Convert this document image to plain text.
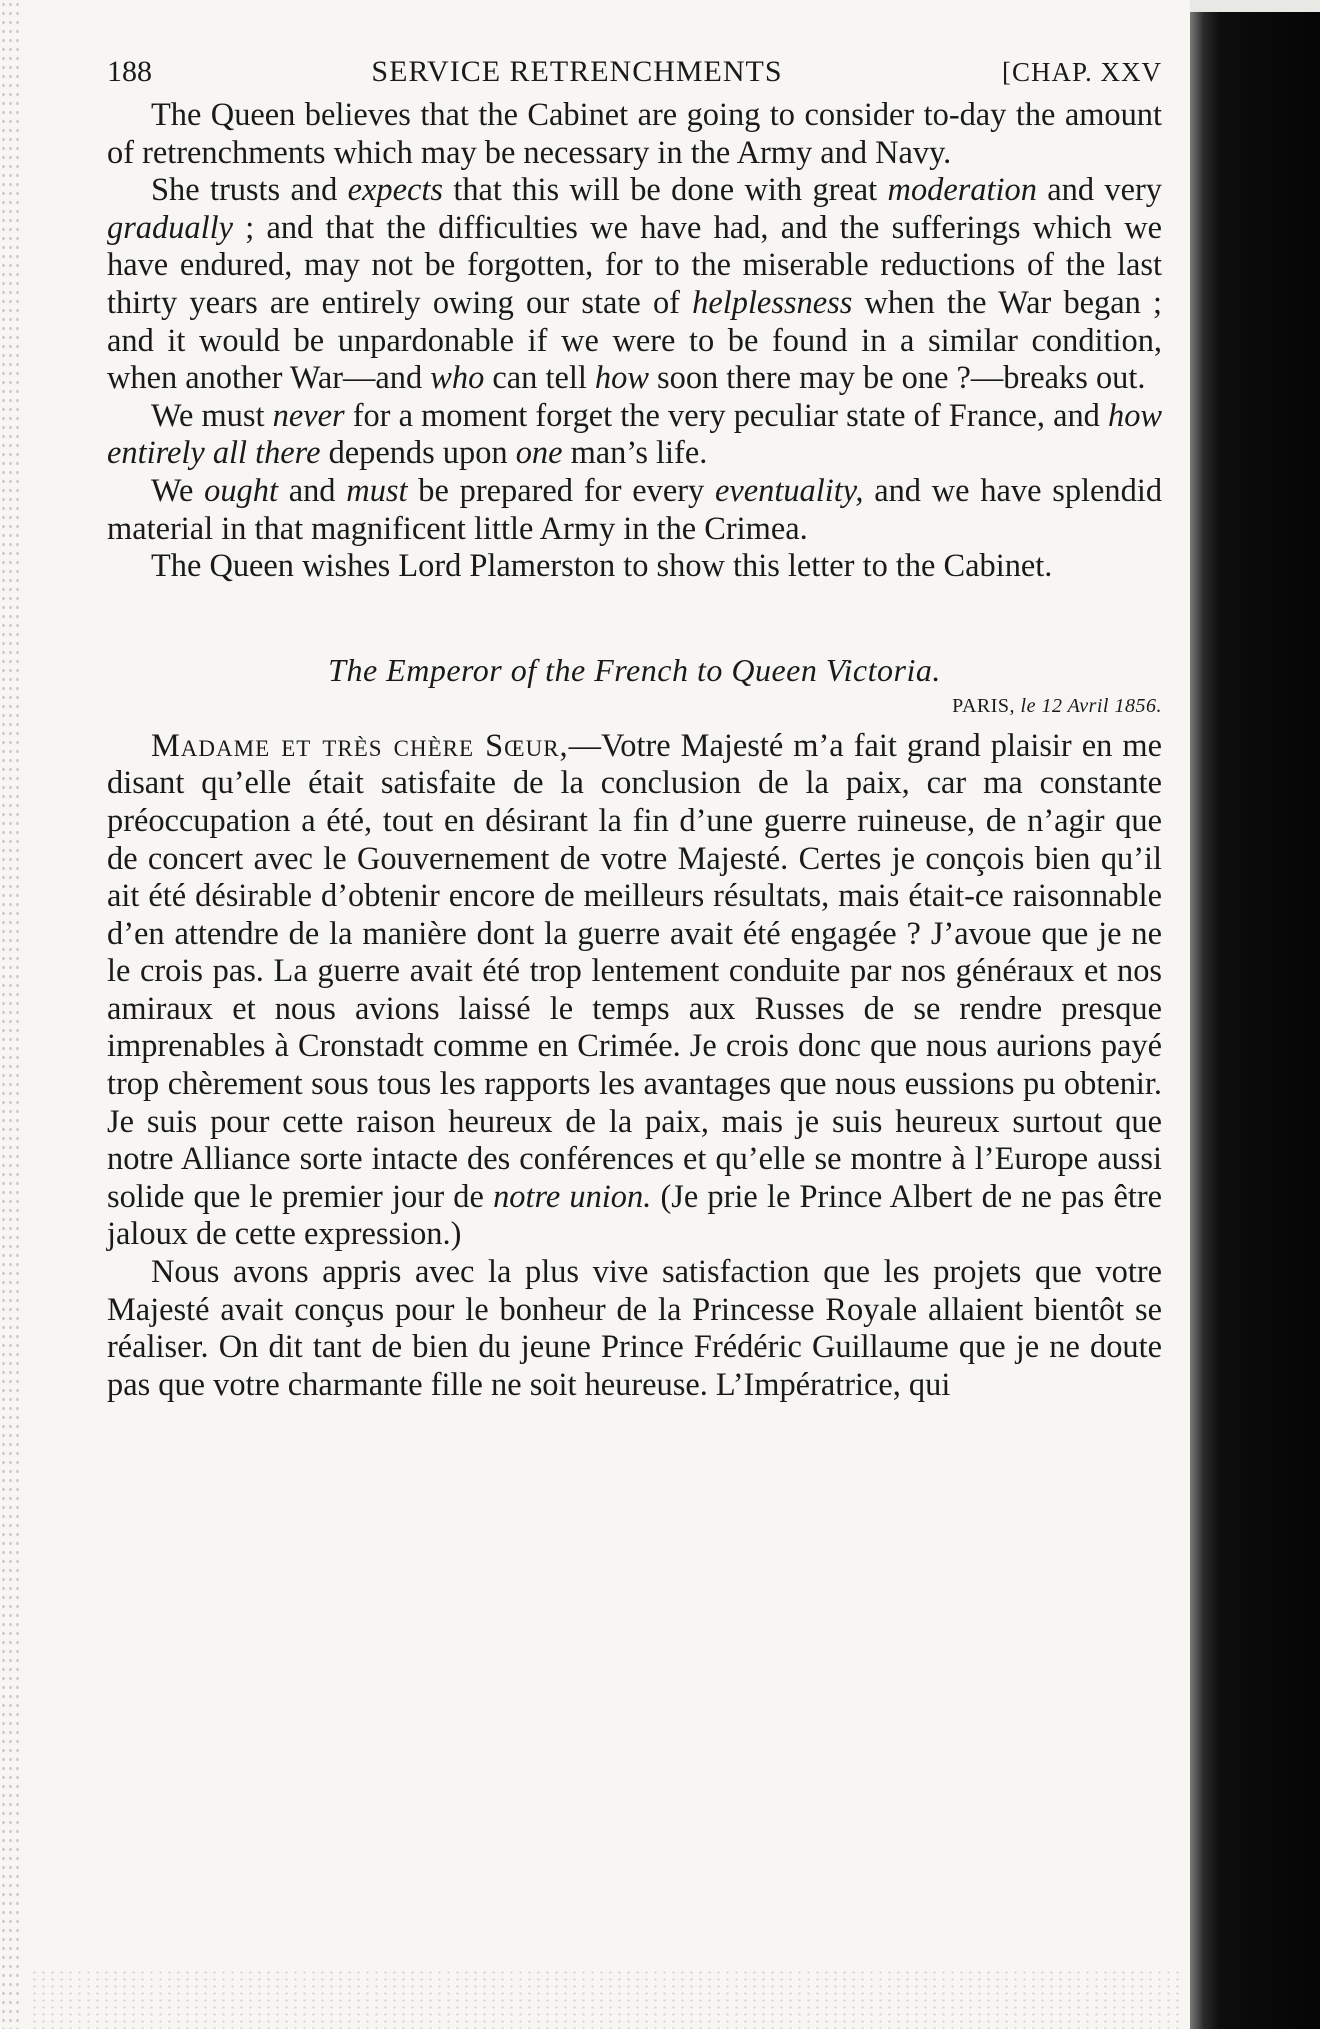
188	SERVICE RETRENCHMENTS	[CHAP. XXV

The Queen believes that the Cabinet are going to consider to-day the amount of retrenchments which may be necessary in the Army and Navy.

She trusts and expects that this will be done with great moderation and very gradually ; and that the difficulties we have had, and the sufferings which we have endured, may not be forgotten, for to the miserable reductions of the last thirty years are entirely owing our state of helplessness when the War began ; and it would be unpardonable if we were to be found in a similar condition, when another War—and who can tell how soon there may be one ?—breaks out.

We must never for a moment forget the very peculiar state of France, and how entirely all there depends upon one man’s life.

We ought and must be prepared for every eventuality, and we have splendid material in that magnificent little Army in the Crimea.

The Queen wishes Lord Plamerston to show this letter to the Cabinet.

The Emperor of the French to Queen Victoria.
PARIS, le 12 Avril 1856.

Madame et très chère Sœur,—Votre Majesté m’a fait grand plaisir en me disant qu’elle était satisfaite de la conclusion de la paix, car ma constante préoccupation a été, tout en désirant la fin d’une guerre ruineuse, de n’agir que de concert avec le Gouvernement de votre Majesté. Certes je conçois bien qu’il ait été désirable d’obtenir encore de meilleurs résultats, mais était-ce raisonnable d’en attendre de la manière dont la guerre avait été engagée ? J’avoue que je ne le crois pas. La guerre avait été trop lentement conduite par nos généraux et nos amiraux et nous avions laissé le temps aux Russes de se rendre presque imprenables à Cronstadt comme en Crimée. Je crois donc que nous aurions payé trop chèrement sous tous les rapports les avantages que nous eussions pu obtenir. Je suis pour cette raison heureux de la paix, mais je suis heureux surtout que notre Alliance sorte intacte des conférences et qu’elle se montre à l’Europe aussi solide que le premier jour de notre union. (Je prie le Prince Albert de ne pas être jaloux de cette expression.)

Nous avons appris avec la plus vive satisfaction que les projets que votre Majesté avait conçus pour le bonheur de la Princesse Royale allaient bientôt se réaliser. On dit tant de bien du jeune Prince Frédéric Guillaume que je ne doute pas que votre charmante fille ne soit heureuse. L’Impératrice, qui
